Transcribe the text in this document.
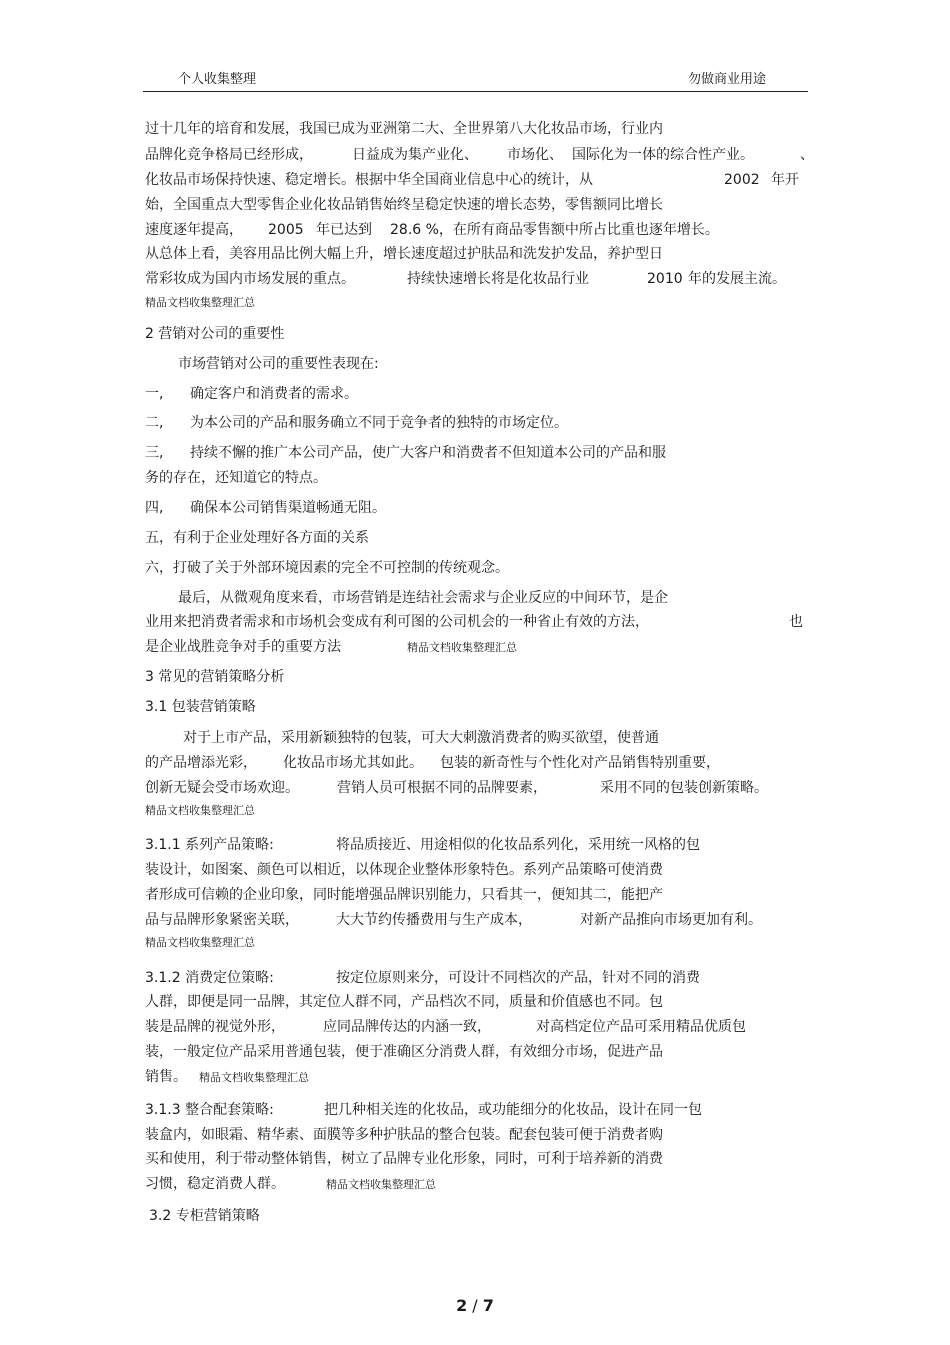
个人收集整理	勿做商业用途
过十几年的培育和发展，我国已成为亚洲第二大、全世界第八大化妆品市场，行业内
品牌化竞争格局已经形成，	日益成为集产业化、 市场化、 国际化为一体的综合性产业。	、
化妆品市场保持快速、稳定增长。根据中华全国商业信息中心的统计，从	2002 年开
始，全国重点大型零售企业化妆品销售始终呈稳定快速的增长态势，零售额同比增长
速度逐年提高， 2005 年已达到 28.6 %，在所有商品零售额中所占比重也逐年增长。
从总体上看，美容用品比例大幅上升，增长速度超过护肤品和洗发护发品，养护型日
常彩妆成为国内市场发展的重点。	持续快速增长将是化妆品行业	2010 年的发展主流。
精品文档收集整理汇总
2 营销对公司的重要性
市场营销对公司的重要性表现在:
一, 确定客户和消费者的需求。
二, 为本公司的产品和服务确立不同于竞争者的独特的市场定位。
三, 持续不懈的推广本公司产品，使广大客户和消费者不但知道本公司的产品和服
务的存在，还知道它的特点。
四, 确保本公司销售渠道畅通无阻。
五，有利于企业处理好各方面的关系
六，打破了关于外部环境因素的完全不可控制的传统观念。
最后，从微观角度来看，市场营销是连结社会需求与企业反应的中间环节，是企
业用来把消费者需求和市场机会变成有利可图的公司机会的一种省止有效的方法，	也
是企业战胜竞争对手的重要方法	精品文档收集整理汇总
3 常见的营销策略分析
3.1 包装营销策略
对于上市产品，采用新颖独特的包装，可大大刺激消费者的购买欲望，使普通
的产品增添光彩， 化妆品市场尤其如此。 包装的新奇性与个性化对产品销售特别重要，
创新无疑会受市场欢迎。	营销人员可根据不同的品牌要素，	采用不同的包装创新策略。
精品文档收集整理汇总
3.1.1 系列产品策略:	将品质接近、用途相似的化妆品系列化，采用统一风格的包
装设计，如图案、颜色可以相近，以体现企业整体形象特色。系列产品策略可使消费
者形成可信赖的企业印象，同时能增强品牌识别能力，只看其一，便知其二，能把产
品与品牌形象紧密关联，	大大节约传播费用与生产成本，	对新产品推向市场更加有利。
精品文档收集整理汇总
3.1.2 消费定位策略:	按定位原则来分，可设计不同档次的产品，针对不同的消费
人群，即便是同一品牌，其定位人群不同，产品档次不同，质量和价值感也不同。包
装是品牌的视觉外形，	应同品牌传达的内涵一致，	对高档定位产品可采用精品优质包
装，一般定位产品采用普通包装，便于准确区分消费人群，有效细分市场，促进产品
销售。 精品文档收集整理汇总
3.1.3 整合配套策略:	把几种相关连的化妆品，或功能细分的化妆品，设计在同一包
装盒内，如眼霜、精华素、面膜等多种护肤品的整合包装。配套包装可便于消费者购
买和使用，利于带动整体销售，树立了品牌专业化形象，同时，可利于培养新的消费
习惯，稳定消费人群。	精品文档收集整理汇总
3.2 专柜营销策略
2 / 7
